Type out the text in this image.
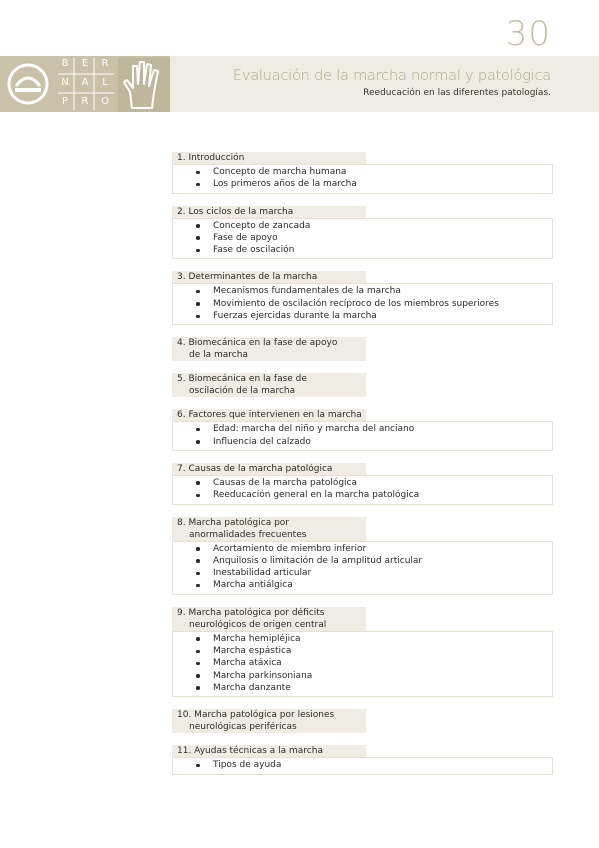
30
B	E	R
N	A	L
P	R	O
Evaluación de la marcha normal y patológica
Reeducación en las diferentes patologías.
1. Introducción
Concepto de marcha humana
Los primeros años de la marcha
2. Los ciclos de la marcha
Concepto de zancada
Fase de apoyo
Fase de oscilación
3. Determinantes de la marcha
Mecanismos fundamentales de la marcha
Movimiento de oscilación recíproco de los miembros superiores
Fuerzas ejercidas durante la marcha
4. Biomecánica en la fase de apoyo
de la marcha
5. Biomecánica en la fase de
oscilación de la marcha
6. Factores que intervienen en la marcha
Edad: marcha del niño y marcha del anciano
Influencia del calzado
7. Causas de la marcha patológica
Causas de la marcha patológica
Reeducación general en la marcha patológica
8. Marcha patológica por
anormalidades frecuentes
Acortamiento de miembro inferior
Anquilosis o limitación de la amplitud articular
Inestabilidad articular
Marcha antiálgica
9. Marcha patológica por déficits
neurológicos de origen central
Marcha hemipléjica
Marcha espástica
Marcha atáxica
Marcha parkinsoniana
Marcha danzante
10. Marcha patológica por lesiones
neurológicas periféricas
11. Ayudas técnicas a la marcha
Tipos de ayuda
